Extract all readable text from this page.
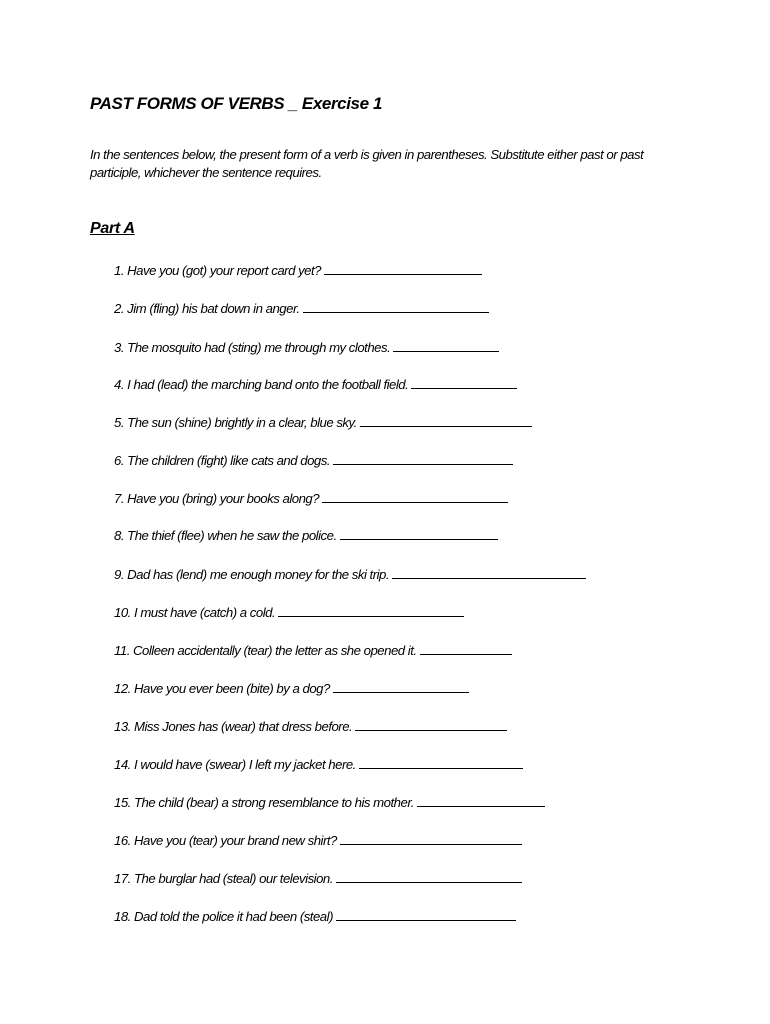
PAST FORMS OF VERBS _ Exercise 1
In the sentences below, the present form of a verb is given in parentheses. Substitute either past or past participle, whichever the sentence requires.
Part A
1. Have you (got) your report card yet?
2. Jim (fling) his bat down in anger.
3. The mosquito had (sting) me through my clothes.
4. I had (lead) the marching band onto the football field.
5. The sun (shine) brightly in a clear, blue sky.
6. The children (fight) like cats and dogs.
7. Have you (bring) your books along?
8. The thief (flee) when he saw the police.
9. Dad has (lend) me enough money for the ski trip.
10. I must have (catch) a cold.
11. Colleen accidentally (tear) the letter as she opened it.
12. Have you ever been (bite) by a dog?
13. Miss Jones has (wear) that dress before.
14. I would have (swear) I left my jacket here.
15. The child (bear) a strong resemblance to his mother.
16. Have you (tear) your brand new shirt?
17. The burglar had (steal) our television.
18. Dad told the police it had been (steal)
